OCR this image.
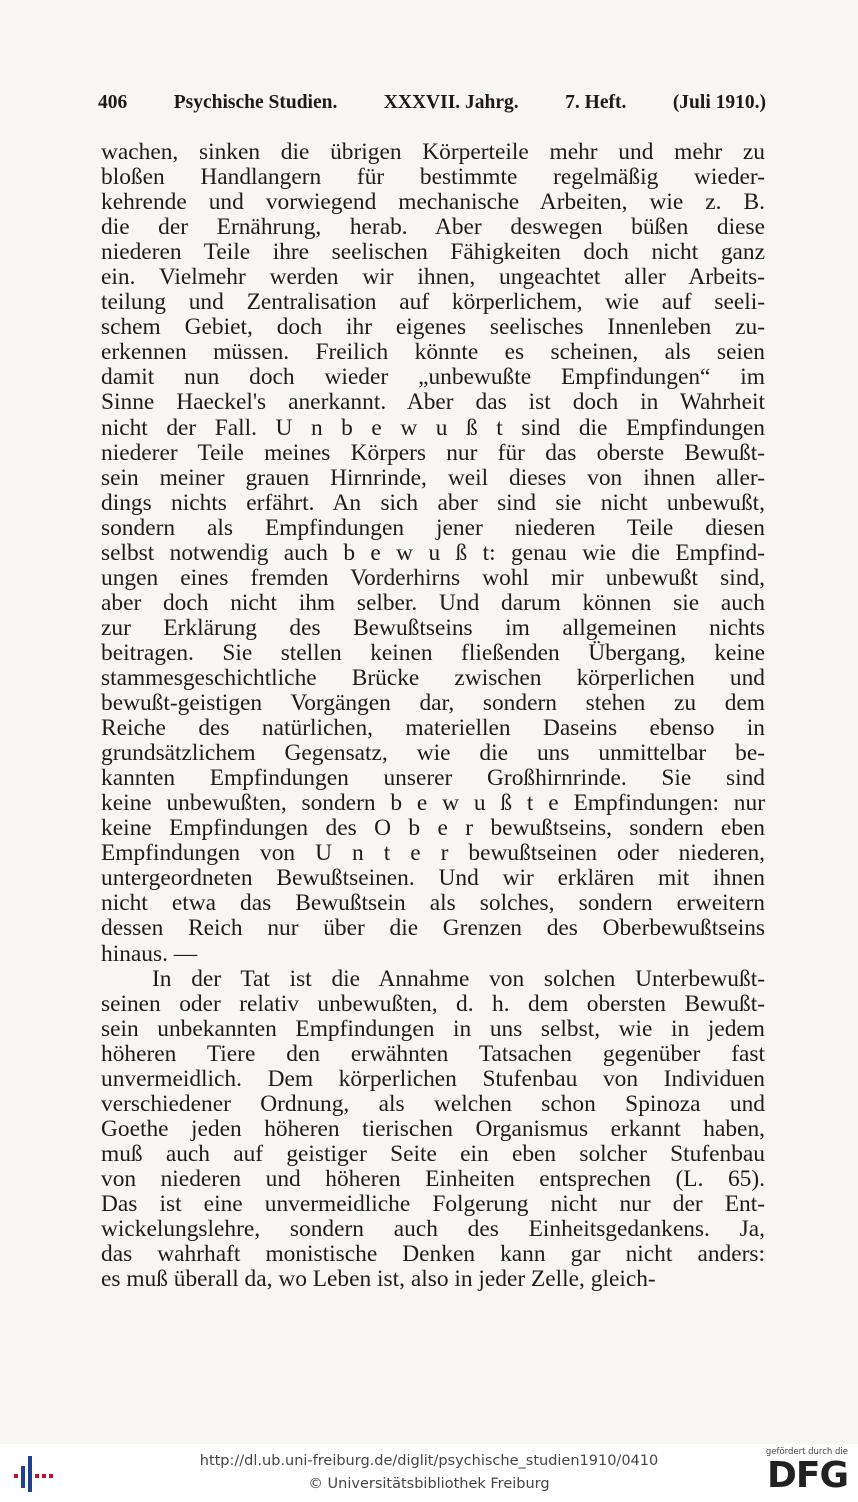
406 Psychische Studien. XXXVII. Jahrg. 7. Heft. (Juli 1910.)
wachen, sinken die übrigen Körperteile mehr und mehr zu
bloßen Handlangern für bestimmte regelmäßig wieder-
kehrende und vorwiegend mechanische Arbeiten, wie z. B.
die der Ernährung, herab. Aber deswegen büßen diese
niederen Teile ihre seelischen Fähigkeiten doch nicht ganz
ein. Vielmehr werden wir ihnen, ungeachtet aller Arbeits-
teilung und Zentralisation auf körperlichem, wie auf seeli-
schem Gebiet, doch ihr eigenes seelisches Innenleben zu-
erkennen müssen. Freilich könnte es scheinen, als seien
damit nun doch wieder „unbewußte Empfindungen“ im
Sinne Haeckel's anerkannt. Aber das ist doch in Wahrheit
nicht der Fall. U n b e w u ß t sind die Empfindungen
niederer Teile meines Körpers nur für das oberste Bewußt-
sein meiner grauen Hirnrinde, weil dieses von ihnen aller-
dings nichts erfährt. An sich aber sind sie nicht unbewußt,
sondern als Empfindungen jener niederen Teile diesen
selbst notwendig auch b e w u ß t: genau wie die Empfind-
ungen eines fremden Vorderhirns wohl mir unbewußt sind,
aber doch nicht ihm selber. Und darum können sie auch
zur Erklärung des Bewußtseins im allgemeinen nichts
beitragen. Sie stellen keinen fließenden Übergang, keine
stammesgeschichtliche Brücke zwischen körperlichen und
bewußt-geistigen Vorgängen dar, sondern stehen zu dem
Reiche des natürlichen, materiellen Daseins ebenso in
grundsätzlichem Gegensatz, wie die uns unmittelbar be-
kannten Empfindungen unserer Großhirnrinde. Sie sind
keine unbewußten, sondern b e w u ß t e Empfindungen: nur
keine Empfindungen des O b e r bewußtseins, sondern eben
Empfindungen von U n t e r bewußtseinen oder niederen,
untergeordneten Bewußtseinen. Und wir erklären mit ihnen
nicht etwa das Bewußtsein als solches, sondern erweitern
dessen Reich nur über die Grenzen des Oberbewußtseins
hinaus. —
In der Tat ist die Annahme von solchen Unterbewußt-
seinen oder relativ unbewußten, d. h. dem obersten Bewußt-
sein unbekannten Empfindungen in uns selbst, wie in jedem
höheren Tiere den erwähnten Tatsachen gegenüber fast
unvermeidlich. Dem körperlichen Stufenbau von Individuen
verschiedener Ordnung, als welchen schon Spinoza und
Goethe jeden höheren tierischen Organismus erkannt haben,
muß auch auf geistiger Seite ein eben solcher Stufenbau
von niederen und höheren Einheiten entsprechen (L. 65).
Das ist eine unvermeidliche Folgerung nicht nur der Ent-
wickelungslehre, sondern auch des Einheitsgedankens. Ja,
das wahrhaft monistische Denken kann gar nicht anders:
es muß überall da, wo Leben ist, also in jeder Zelle, gleich-
http://dl.ub.uni-freiburg.de/diglit/psychische_studien1910/0410
© Universitätsbibliothek Freiburg
gefördert durch die
DFG
